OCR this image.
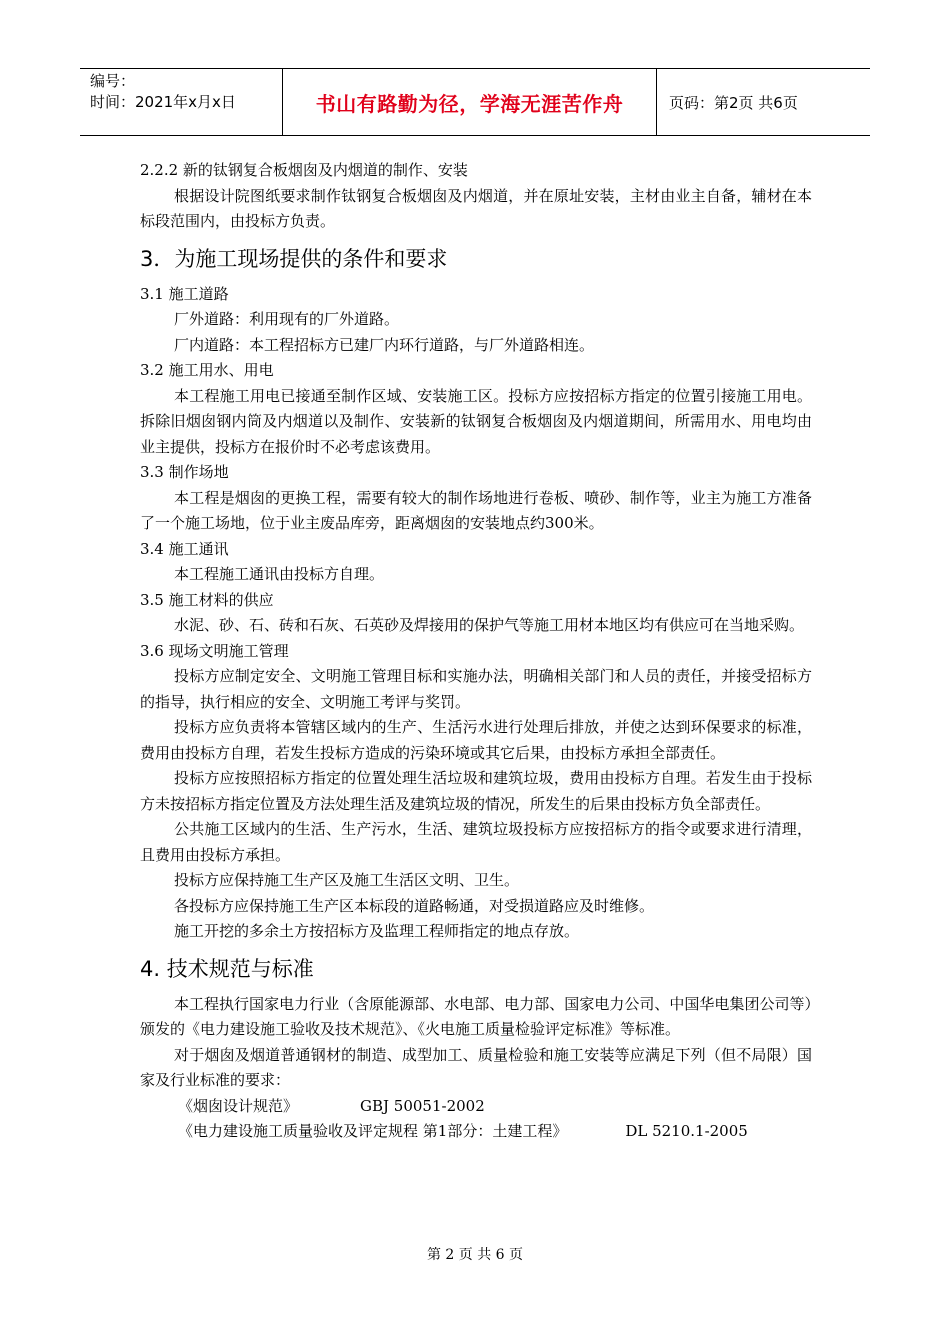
编号：
时间：2021年x月x日	书山有路勤为径，学海无涯苦作舟	页码：第2页 共6页
2.2.2 新的钛钢复合板烟囱及内烟道的制作、安装
根据设计院图纸要求制作钛钢复合板烟囱及内烟道，并在原址安装，主材由业主自备，辅材在本标段范围内，由投标方负责。
3．为施工现场提供的条件和要求
3.1 施工道路
厂外道路：利用现有的厂外道路。
厂内道路：本工程招标方已建厂内环行道路，与厂外道路相连。
3.2 施工用水、用电
本工程施工用电已接通至制作区域、安装施工区。投标方应按招标方指定的位置引接施工用电。拆除旧烟囱钢内筒及内烟道以及制作、安装新的钛钢复合板烟囱及内烟道期间，所需用水、用电均由业主提供，投标方在报价时不必考虑该费用。
3.3 制作场地
本工程是烟囱的更换工程，需要有较大的制作场地进行卷板、喷砂、制作等，业主为施工方准备了一个施工场地，位于业主废品库旁，距离烟囱的安装地点约300米。
3.4 施工通讯
本工程施工通讯由投标方自理。
3.5 施工材料的供应
水泥、砂、石、砖和石灰、石英砂及焊接用的保护气等施工用材本地区均有供应可在当地采购。
3.6 现场文明施工管理
投标方应制定安全、文明施工管理目标和实施办法，明确相关部门和人员的责任，并接受招标方的指导，执行相应的安全、文明施工考评与奖罚。
投标方应负责将本管辖区域内的生产、生活污水进行处理后排放，并使之达到环保要求的标准，费用由投标方自理，若发生投标方造成的污染环境或其它后果，由投标方承担全部责任。
投标方应按照招标方指定的位置处理生活垃圾和建筑垃圾，费用由投标方自理。若发生由于投标方未按招标方指定位置及方法处理生活及建筑垃圾的情况，所发生的后果由投标方负全部责任。
公共施工区域内的生活、生产污水，生活、建筑垃圾投标方应按招标方的指令或要求进行清理，且费用由投标方承担。
投标方应保持施工生产区及施工生活区文明、卫生。
各投标方应保持施工生产区本标段的道路畅通，对受损道路应及时维修。
施工开挖的多余土方按招标方及监理工程师指定的地点存放。
4. 技术规范与标准
本工程执行国家电力行业（含原能源部、水电部、电力部、国家电力公司、中国华电集团公司等）颁发的《电力建设施工验收及技术规范》、《火电施工质量检验评定标准》等标准。
对于烟囱及烟道普通钢材的制造、成型加工、质量检验和施工安装等应满足下列（但不局限）国家及行业标准的要求：
《烟囱设计规范》	GBJ 50051-2002
《电力建设施工质量验收及评定规程 第1部分：土建工程》	DL 5210.1-2005
第 2 页 共 6 页
